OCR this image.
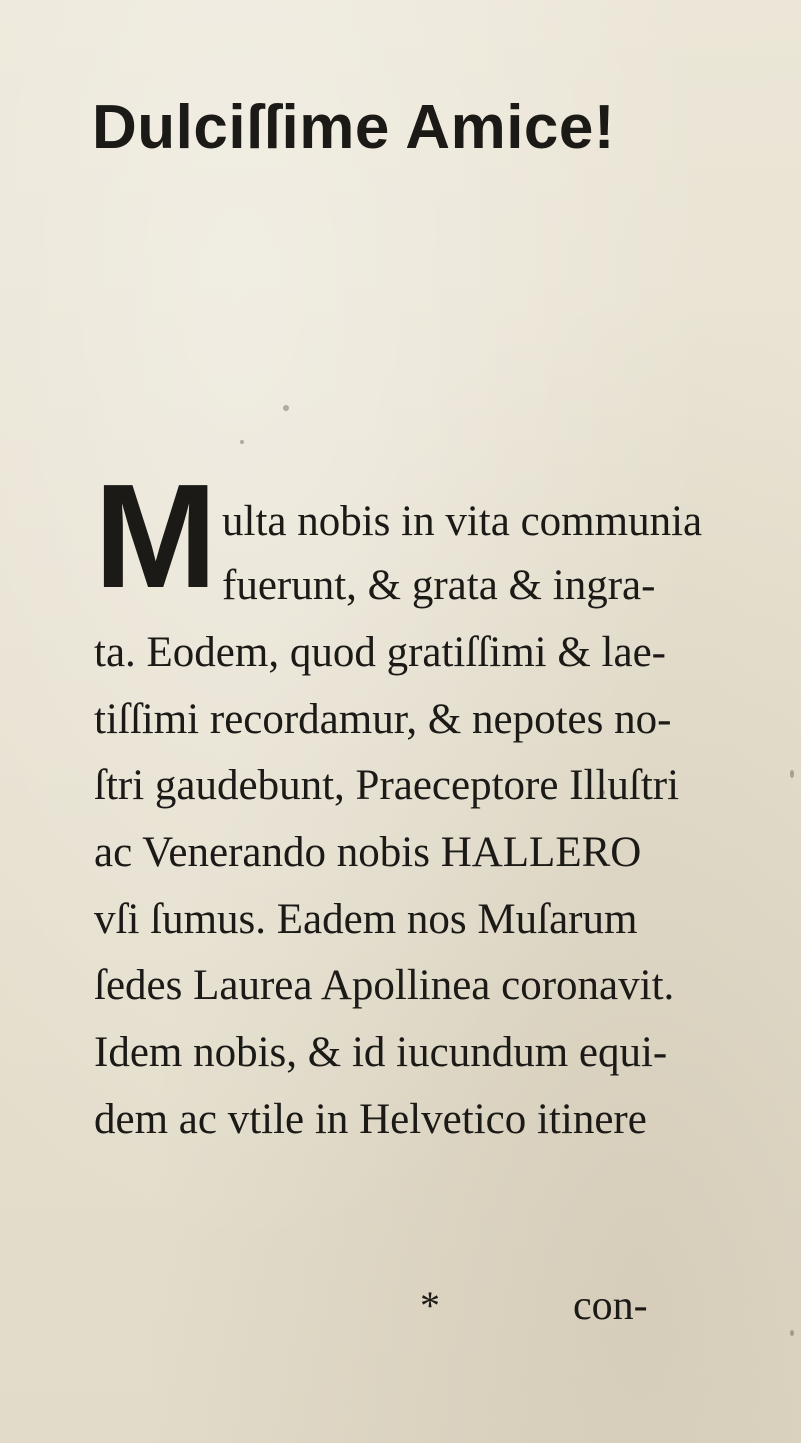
Dulciſſime Amice!
M ulta nobis in vita communia
fuerunt, & grata & ingra-
ta. Eodem, quod gratiſſimi & lae-
tiſſimi recordamur, & nepotes no-
ſtri gaudebunt, Praeceptore Illuſtri
ac Venerando nobis HALLERO
vſi ſumus. Eadem nos Muſarum
ſedes Laurea Apollinea coronavit.
Idem nobis, & id iucundum equi-
dem ac vtile in Helvetico itinere
*	con-
